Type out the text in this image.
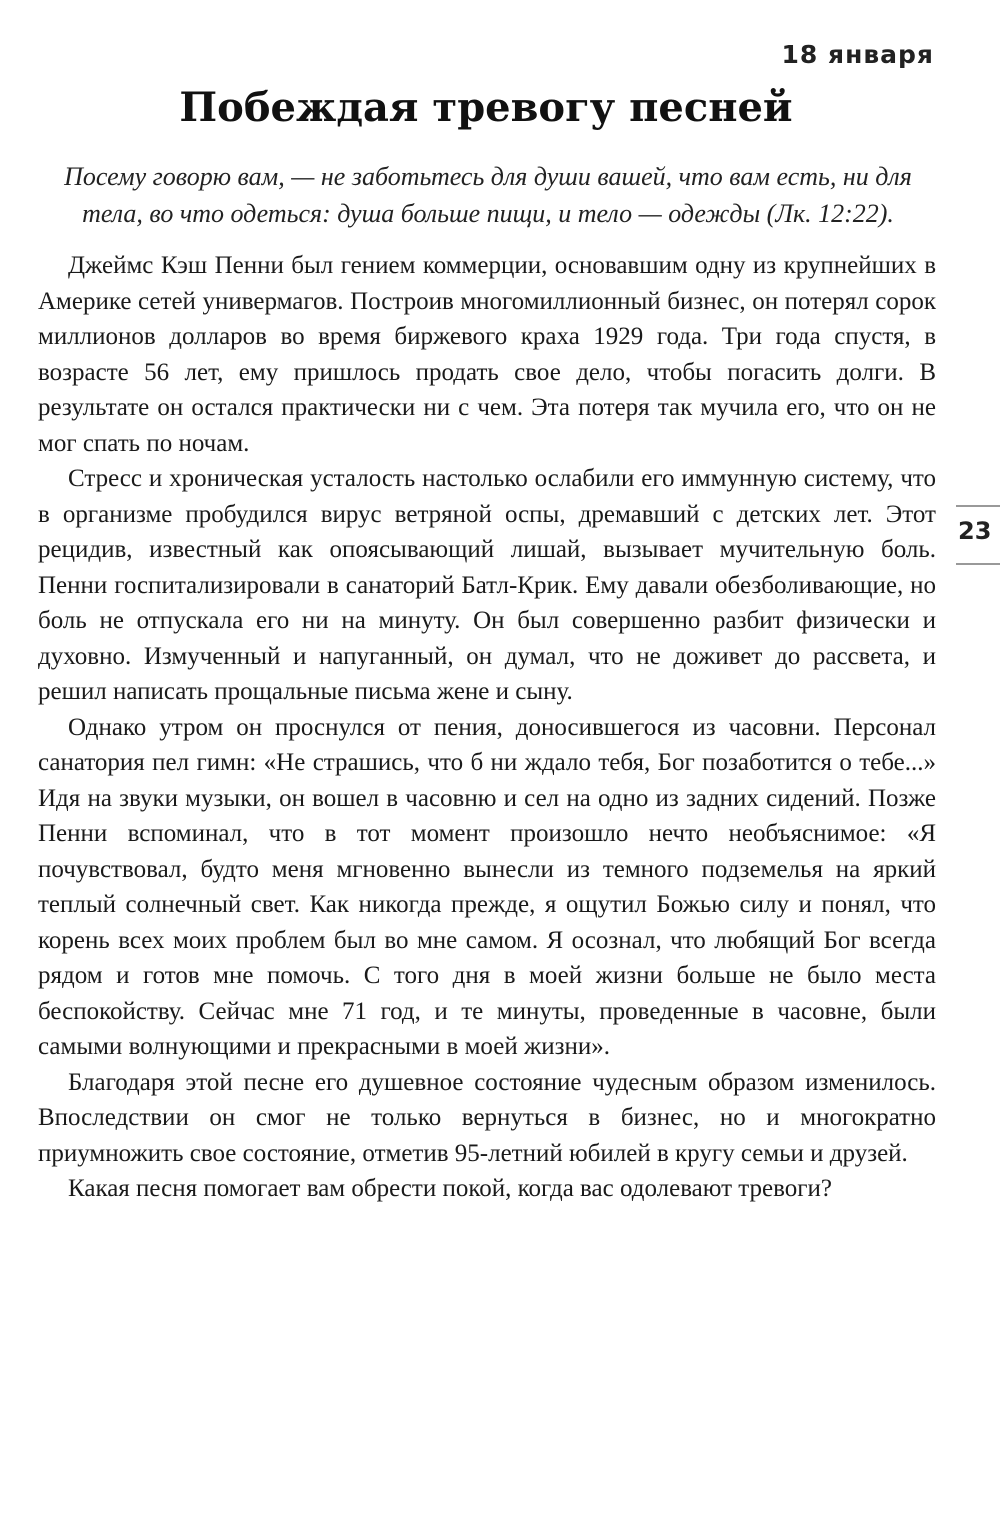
18 января
Побеждая тревогу песней
Посему говорю вам, — не заботьтесь для души вашей, что вам есть, ни для тела, во что одеться: душа больше пищи, и тело — одежды (Лк. 12:22).

Джеймс Кэш Пенни был гением коммерции, основавшим одну из крупнейших в Америке сетей универмагов. Построив многомиллионный бизнес, он потерял сорок миллионов долларов во время биржевого краха 1929 года. Три года спустя, в возрасте 56 лет, ему пришлось продать свое дело, чтобы погасить долги. В результате он остался практически ни с чем. Эта потеря так мучила его, что он не мог спать по ночам.

Стресс и хроническая усталость настолько ослабили его иммунную систему, что в организме пробудился вирус ветряной оспы, дремавший с детских лет. Этот рецидив, известный как опоясывающий лишай, вызывает мучительную боль. Пенни госпитализировали в санаторий Батл-Крик. Ему давали обезболивающие, но боль не отпускала его ни на минуту. Он был совершенно разбит физически и духовно. Измученный и напуганный, он думал, что не доживет до рассвета, и решил написать прощальные письма жене и сыну.

Однако утром он проснулся от пения, доносившегося из часовни. Персонал санатория пел гимн: «Не страшись, что б ни ждало тебя, Бог позаботится о тебе...» Идя на звуки музыки, он вошел в часовню и сел на одно из задних сидений. Позже Пенни вспоминал, что в тот момент произошло нечто необъяснимое: «Я почувствовал, будто меня мгновенно вынесли из темного подземелья на яркий теплый солнечный свет. Как никогда прежде, я ощутил Божью силу и понял, что корень всех моих проблем был во мне самом. Я осознал, что любящий Бог всегда рядом и готов мне помочь. С того дня в моей жизни больше не было места беспокойству. Сейчас мне 71 год, и те минуты, проведенные в часовне, были самыми волнующими и прекрасными в моей жизни».

Благодаря этой песне его душевное состояние чудесным образом изменилось. Впоследствии он смог не только вернуться в бизнес, но и многократно приумножить свое состояние, отметив 95-летний юбилей в кругу семьи и друзей.

Какая песня помогает вам обрести покой, когда вас одолевают тревоги?

23
